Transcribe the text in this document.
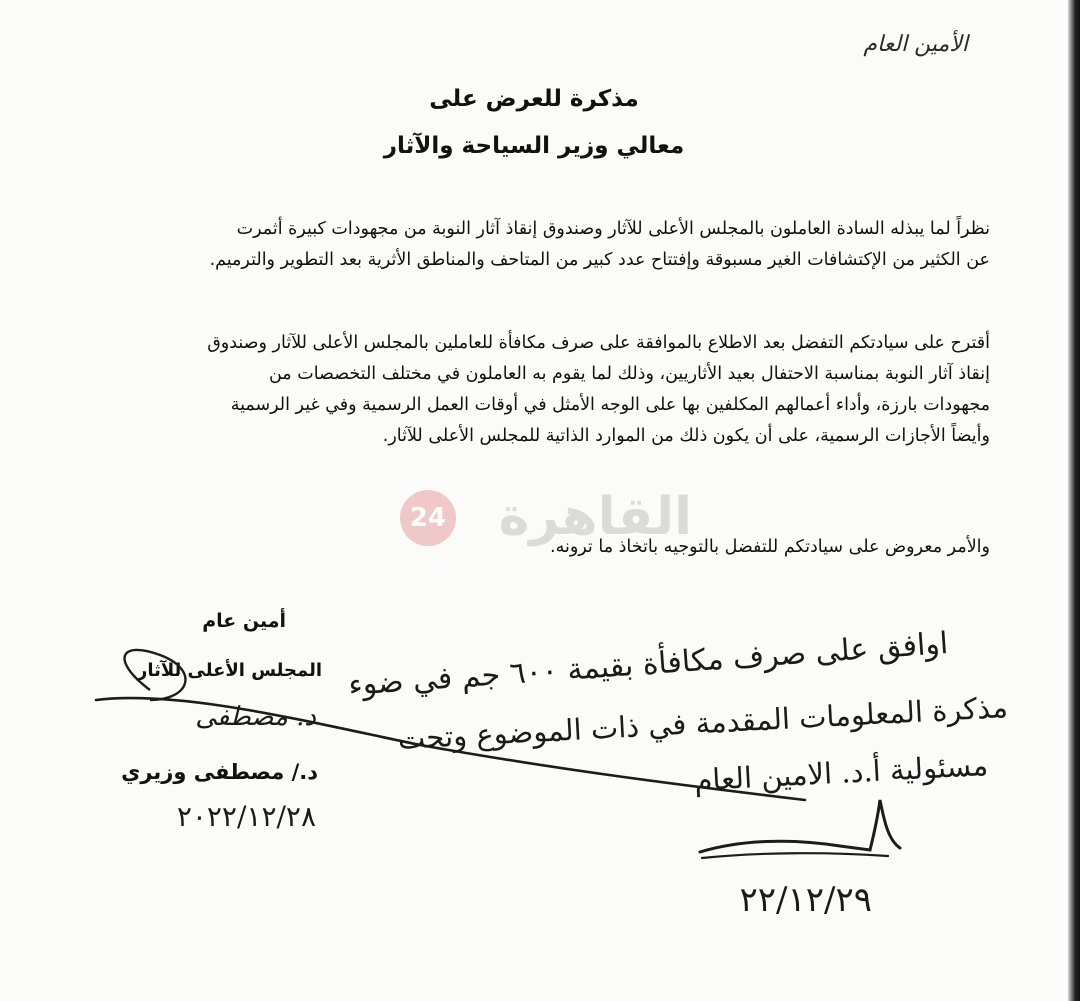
الأمين العام
مذكرة للعرض على
معالي وزير السياحة والآثار
نظراً لما يبذله السادة العاملون بالمجلس الأعلى للآثار وصندوق إنقاذ آثار النوبة من مجهودات كبيرة أثمرت
عن الكثير من الإكتشافات الغير مسبوقة وإفتتاح عدد كبير من المتاحف والمناطق الأثرية بعد التطوير والترميم.
أقترح على سيادتكم التفضل بعد الاطلاع بالموافقة على صرف مكافأة للعاملين بالمجلس الأعلى للآثار وصندوق
إنقاذ آثار النوبة بمناسبة الاحتفال بعيد الأثاريين، وذلك لما يقوم به العاملون في مختلف التخصصات من
مجهودات بارزة، وأداء أعمالهم المكلفين بها على الوجه الأمثل في أوقات العمل الرسمية وفي غير الرسمية
وأيضاً الأجازات الرسمية، على أن يكون ذلك من الموارد الذاتية للمجلس الأعلى للآثار.
والأمر معروض على سيادتكم للتفضل بالتوجيه باتخاذ ما ترونه.
24 القاهرة
أمين عام
المجلس الأعلى للآثار
د. مصطفى
د./ مصطفى وزيري
٢٠٢٢/١٢/٢٨
اوافق على صرف مكافأة بقيمة ٦٠٠ جم في ضوء
مذكرة المعلومات المقدمة في ذات الموضوع وتحت
مسئولية أ.د. الامين العام
٢٢/١٢/٢٩
